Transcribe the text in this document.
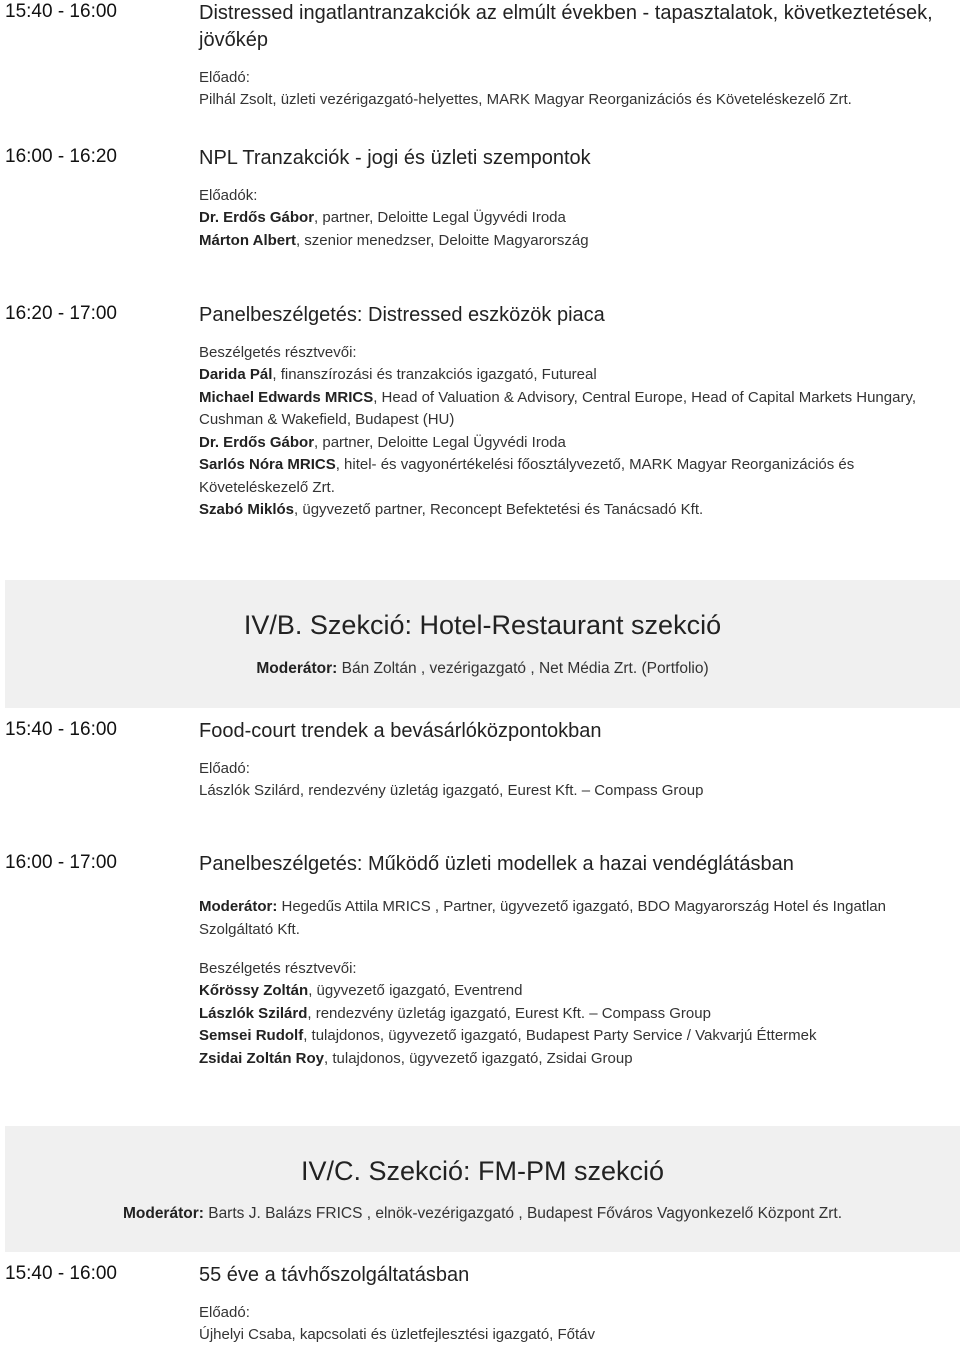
15:40 - 16:00	Distressed ingatlantranzakciók az elmúlt években - tapasztalatok, következtetések, jövőkép
Előadó:
Pilhál Zsolt, üzleti vezérigazgató-helyettes, MARK Magyar Reorganizációs és Követeléskezelő Zrt.
16:00 - 16:20	NPL Tranzakciók - jogi és üzleti szempontok
Előadók:
Dr. Erdős Gábor, partner, Deloitte Legal Ügyvédi Iroda
Márton Albert, szenior menedzser, Deloitte Magyarország
16:20 - 17:00	Panelbeszélgetés: Distressed eszközök piaca
Beszélgetés résztvevői:
Darida Pál, finanszírozási és tranzakciós igazgató, Futureal
Michael Edwards MRICS, Head of Valuation & Advisory, Central Europe, Head of Capital Markets Hungary, Cushman & Wakefield, Budapest (HU)
Dr. Erdős Gábor, partner, Deloitte Legal Ügyvédi Iroda
Sarlós Nóra MRICS, hitel- és vagyonértékelési főosztályvezető, MARK Magyar Reorganizációs és Követeléskezelő Zrt.
Szabó Miklós, ügyvezető partner, Reconcept Befektetési és Tanácsadó Kft.
IV/B. Szekció: Hotel-Restaurant szekció
Moderátor: Bán Zoltán , vezérigazgató , Net Média Zrt. (Portfolio)
15:40 - 16:00	Food-court trendek a bevásárlóközpontokban
Előadó:
Lászlók Szilárd, rendezvény üzletág igazgató, Eurest Kft. – Compass Group
16:00 - 17:00	Panelbeszélgetés: Működő üzleti modellek a hazai vendéglátásban
Moderátor: Hegedűs Attila MRICS , Partner, ügyvezető igazgató, BDO Magyarország Hotel és Ingatlan Szolgáltató Kft.
Beszélgetés résztvevői:
Kőrössy Zoltán, ügyvezető igazgató, Eventrend
Lászlók Szilárd, rendezvény üzletág igazgató, Eurest Kft. – Compass Group
Semsei Rudolf, tulajdonos, ügyvezető igazgató, Budapest Party Service / Vakvarjú Éttermek
Zsidai Zoltán Roy, tulajdonos, ügyvezető igazgató, Zsidai Group
IV/C. Szekció: FM-PM szekció
Moderátor: Barts J. Balázs FRICS , elnök-vezérigazgató , Budapest Főváros Vagyonkezelő Központ Zrt.
15:40 - 16:00	55 éve a távhőszolgáltatásban
Előadó:
Újhelyi Csaba, kapcsolati és üzletfejlesztési igazgató, Főtáv
